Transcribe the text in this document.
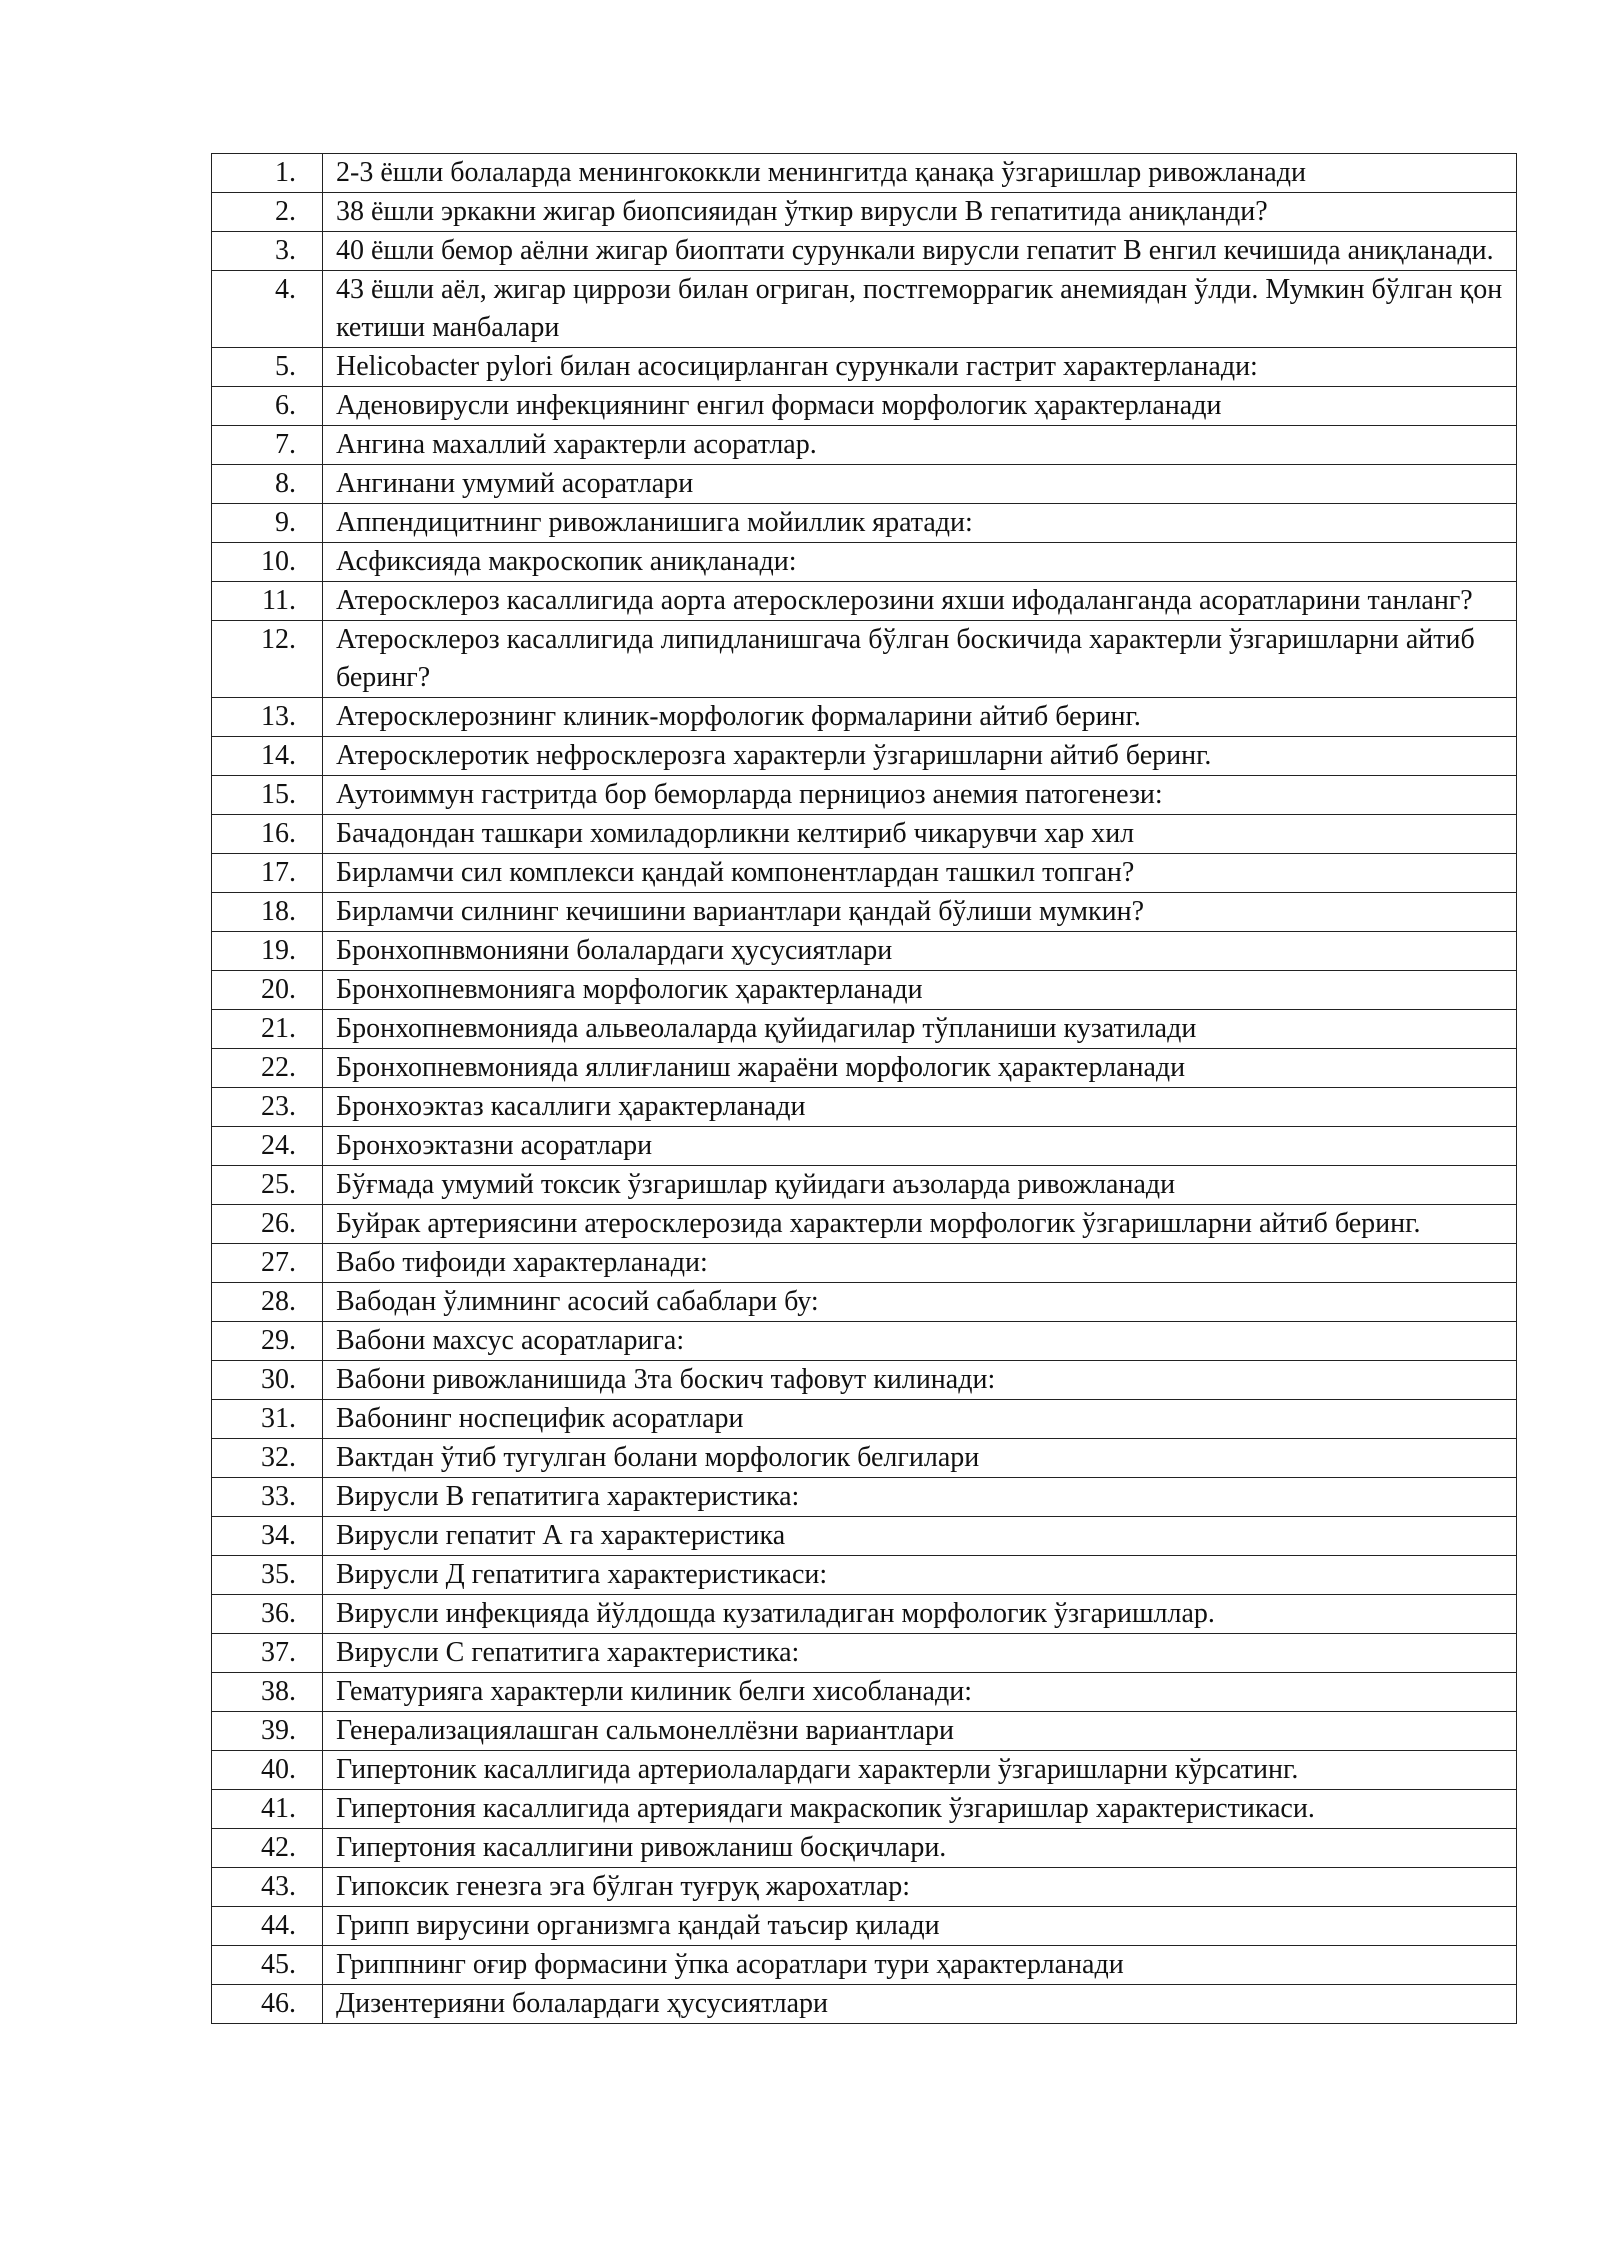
1.	2-3 ёшли болаларда менингококкли менингитда қанақа ўзгаришлар ривожланади
2.	38 ёшли эркакни жигар биопсияидан ўткир вирусли В гепатитида аниқланди?
3.	40 ёшли бемор аёлни жигар биоптати сурункали вирусли гепатит В енгил кечишида аниқланади.
4.	43 ёшли аёл, жигар циррози билан огриган, постгеморрагик анемиядан ўлди. Мумкин бўлган қон кетиши манбалари
5.	Helicobacter pylori билан асосицирланган сурункали гастрит характерланади:
6.	Аденовирусли инфекциянинг енгил формаси морфологик ҳарактерланади
7.	Ангина махаллий характерли асоратлар.
8.	Ангинани умумий асоратлари
9.	Аппендицитнинг ривожланишига мойиллик яратади:
10.	Асфиксияда макроскопик аниқланади:
11.	Атеросклероз касаллигида аорта атеросклерозини яхши ифодаланганда асоратларини танланг?
12.	Атеросклероз касаллигида липидланишгача бўлган боскичида характерли ўзгаришларни айтиб беринг?
13.	Атеросклерознинг клиник-морфологик формаларини айтиб беринг.
14.	Атеросклеротик нефросклерозга характерли ўзгаришларни айтиб беринг.
15.	Аутоиммун гастритда бор беморларда пернициоз анемия патогенези:
16.	Бачадондан ташкари хомиладорликни келтириб чикарувчи хар хил
17.	Бирламчи сил комплекси қандай компонентлардан ташкил топган?
18.	Бирламчи силнинг кечишини вариантлари қандай бўлиши мумкин?
19.	Бронхопнвмонияни болалардаги ҳусусиятлари
20.	Бронхопневмонияга морфологик ҳарактерланади
21.	Бронхопневмонияда альвеолаларда қуйидагилар тўпланиши кузатилади
22.	Бронхопневмонияда яллиғланиш жараёни морфологик ҳарактерланади
23.	Бронхоэктаз касаллиги ҳарактерланади
24.	Бронхоэктазни асоратлари
25.	Бўғмада умумий токсик ўзгаришлар қуйидаги аъзоларда ривожланади
26.	Буйрак артериясини атеросклерозида характерли морфологик ўзгаришларни айтиб беринг.
27.	Вабо тифоиди характерланади:
28.	Вабодан ўлимнинг асосий сабаблари бу:
29.	Вабони махсус асоратларига:
30.	Вабони ривожланишида 3та боскич тафовут килинади:
31.	Вабонинг носпецифик асоратлари
32.	Вактдан ўтиб тугулган болани морфологик белгилари
33.	Вирусли В гепатитига характеристика:
34.	Вирусли гепатит А га характеристика
35.	Вирусли Д гепатитига характеристикаси:
36.	Вирусли инфекцияда йўлдошда кузатиладиган морфологик ўзгаришллар.
37.	Вирусли С гепатитига характеристика:
38.	Гематурияга характерли килиник белги хисобланади:
39.	Генерализациялашган сальмонеллёзни вариантлари
40.	Гипертоник касаллигида артериолалардаги характерли ўзгаришларни кўрсатинг.
41.	Гипертония касаллигида артериядаги макраскопик ўзгаришлар характеристикаси.
42.	Гипертония касаллигини ривожланиш босқичлари.
43.	Гипоксик генезга эга бўлган туғруқ жарохатлар:
44.	Грипп вирусини организмга қандай таъсир қилади
45.	Гриппнинг оғир формасини ўпка асоратлари тури ҳарактерланади
46.	Дизентерияни болалардаги ҳусусиятлари
